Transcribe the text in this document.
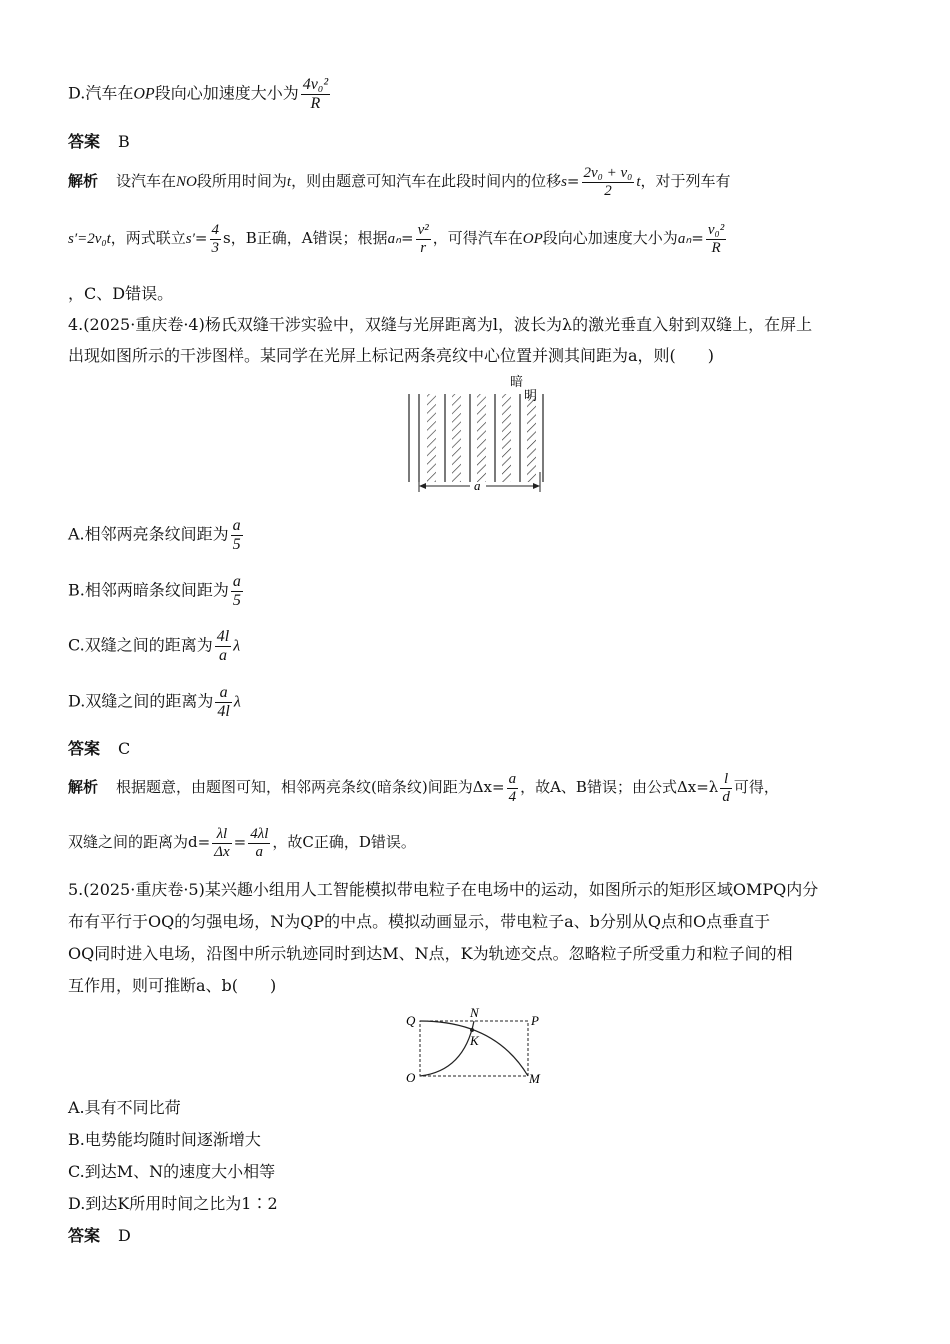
D.汽车在OP段向心加速度大小为 $\frac{\text{4v₀²}}{R}$
答案 B
解析 设汽车在NO段所用时间为t，则由题意可知汽车在此段时间内的位移$s= \frac{\text{2v₀ + v₀}}{2}$ t，对于列车有
s′=2v₀t，两式联立$s'= \frac{4}{3}$ s，B正确，A错误；根据$a_n= \frac{\text{v²}}{r}$ ，可得汽车在OP段向心加速度大小为$a_n= \frac{\text{v₀²}}{R}$
，C、D错误。
4.(2025·重庆卷·4)杨氏双缝干涉实验中，双缝与光屏距离为l，波长为λ的激光垂直入射到双缝上，在屏上
出现如图所示的干涉图样。某同学在光屏上标记两条亮纹中心位置并测其间距为a，则(　　)
暗
明
a
A.相邻两亮条纹间距为 $\frac{a}{5}$
B.相邻两暗条纹间距为 $\frac{a}{5}$
C.双缝之间的距离为 $\frac{4l}{a}$ λ
D.双缝之间的距离为 $\frac{a}{4l}$ λ
答案 C
解析 根据题意，由题图可知，相邻两亮条纹(暗条纹)间距为$\Delta x= \frac{a}{4}$ ，故A、B错误；由公式$\Delta x=\lambda \frac{l}{d}$ 可得，
双缝之间的距离为$d= \frac{\lambda l}{\Delta x} = \frac{4\lambda l}{a}$ ，故C正确，D错误。
5.(2025·重庆卷·5)某兴趣小组用人工智能模拟带电粒子在电场中的运动，如图所示的矩形区域OMPQ内分
布有平行于OQ的匀强电场，N为QP的中点。模拟动画显示，带电粒子a、b分别从Q点和O点垂直于
OQ同时进入电场，沿图中所示轨迹同时到达M、N点，K为轨迹交点。忽略粒子所受重力和粒子间的相
互作用，则可推断a、b(　　)
Q
N
P
K
O	M
A.具有不同比荷
B.电势能均随时间逐渐增大
C.到达M、N的速度大小相等
D.到达K所用时间之比为1∶2
答案 D
